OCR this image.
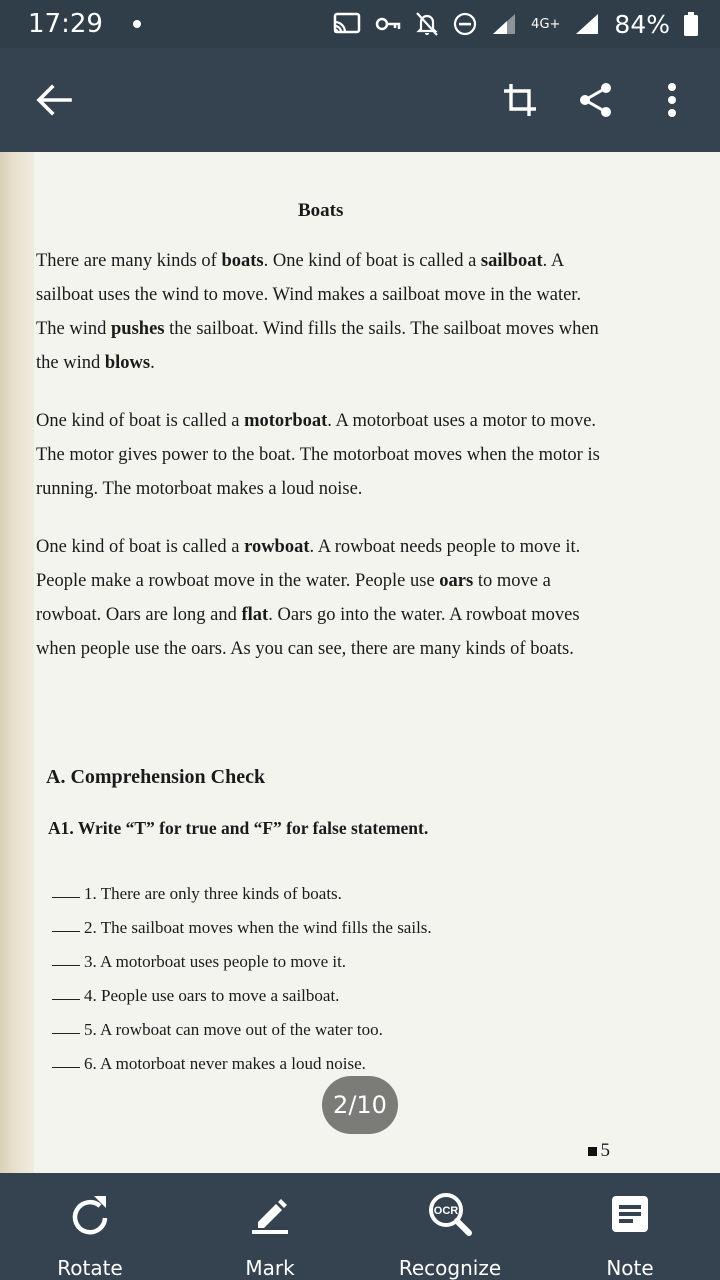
17:29	4G+ 84%
Boats
There are many kinds of boats. One kind of boat is called a sailboat. A sailboat uses the wind to move. Wind makes a sailboat move in the water. The wind pushes the sailboat. Wind fills the sails. The sailboat moves when the wind blows.
One kind of boat is called a motorboat. A motorboat uses a motor to move. The motor gives power to the boat. The motorboat moves when the motor is running. The motorboat makes a loud noise.
One kind of boat is called a rowboat. A rowboat needs people to move it. People make a rowboat move in the water. People use oars to move a rowboat. Oars are long and flat. Oars go into the water. A rowboat moves when people use the oars. As you can see, there are many kinds of boats.
A. Comprehension Check
A1. Write “T” for true and “F” for false statement.
1. There are only three kinds of boats.
2. The sailboat moves when the wind fills the sails.
3. A motorboat uses people to move it.
4. People use oars to move a sailboat.
5. A rowboat can move out of the water too.
6. A motorboat never makes a loud noise.
5
2/10
Rotate	Mark
OCR
Recognize	Note
